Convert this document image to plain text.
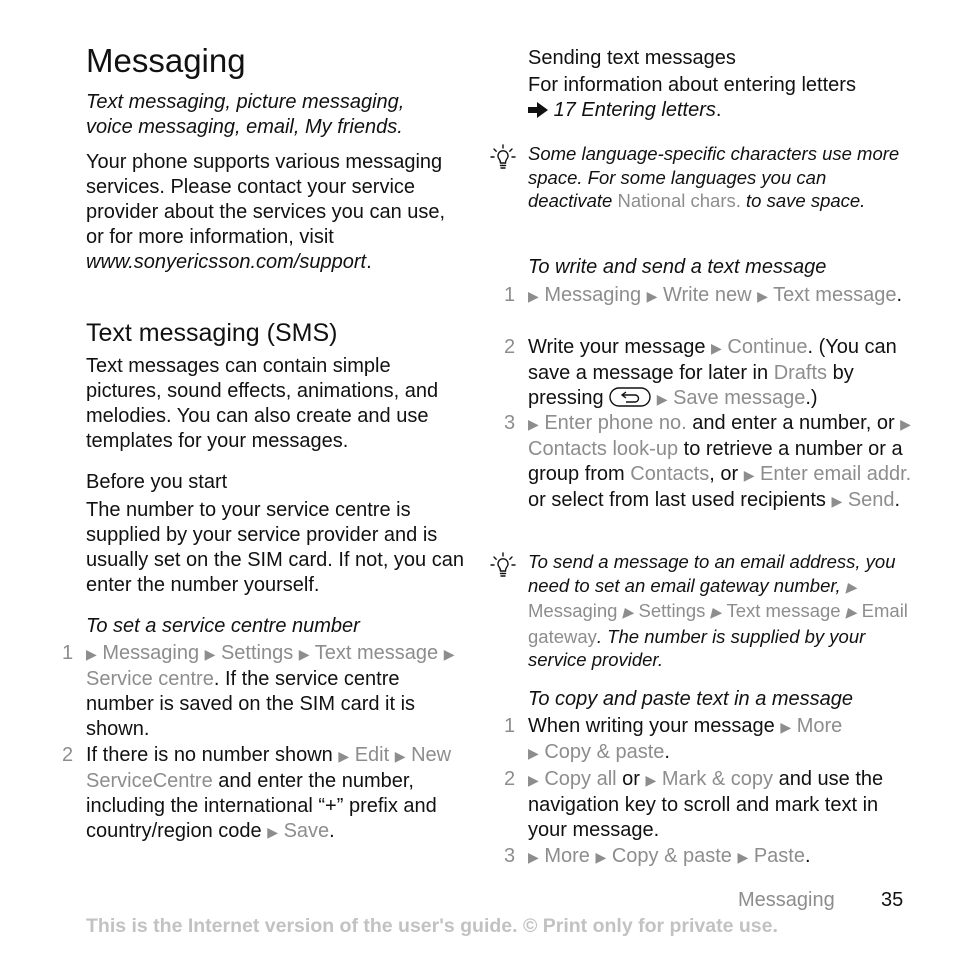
Messaging
Text messaging, picture messaging, voice messaging, email, My friends.
Your phone supports various messaging services. Please contact your service provider about the services you can use, or for more information, visit
www.sonyericsson.com/support.
Text messaging (SMS)
Text messages can contain simple pictures, sound effects, animations, and melodies. You can also create and use templates for your messages.
Before you start
The number to your service centre is supplied by your service provider and is usually set on the SIM card. If not, you can enter the number yourself.
To set a service centre number
1 ▶ Messaging ▶ Settings ▶ Text message ▶ Service centre. If the service centre number is saved on the SIM card it is shown.
2 If there is no number shown ▶ Edit ▶ New ServiceCentre and enter the number, including the international “+” prefix and country/region code ▶ Save.
Sending text messages
For information about entering letters
17 Entering letters.
Some language-specific characters use more space. For some languages you can deactivate National chars. to save space.
To write and send a text message
1 ▶ Messaging ▶ Write new ▶ Text message.
2 Write your message ▶ Continue. (You can save a message for later in Drafts by pressing	▶ Save message.)
3 ▶ Enter phone no. and enter a number, or ▶ Contacts look-up to retrieve a number or a group from Contacts, or ▶ Enter email addr. or select from last used recipients ▶ Send.
To send a message to an email address, you need to set an email gateway number, ▶ Messaging ▶ Settings ▶ Text message ▶ Email gateway. The number is supplied by your service provider.
To copy and paste text in a message
1 When writing your message ▶ More
▶ Copy & paste.
2 ▶ Copy all or ▶ Mark & copy and use the navigation key to scroll and mark text in your message.
3 ▶ More ▶ Copy & paste ▶ Paste.
Messaging 35
This is the Internet version of the user's guide. © Print only for private use.
